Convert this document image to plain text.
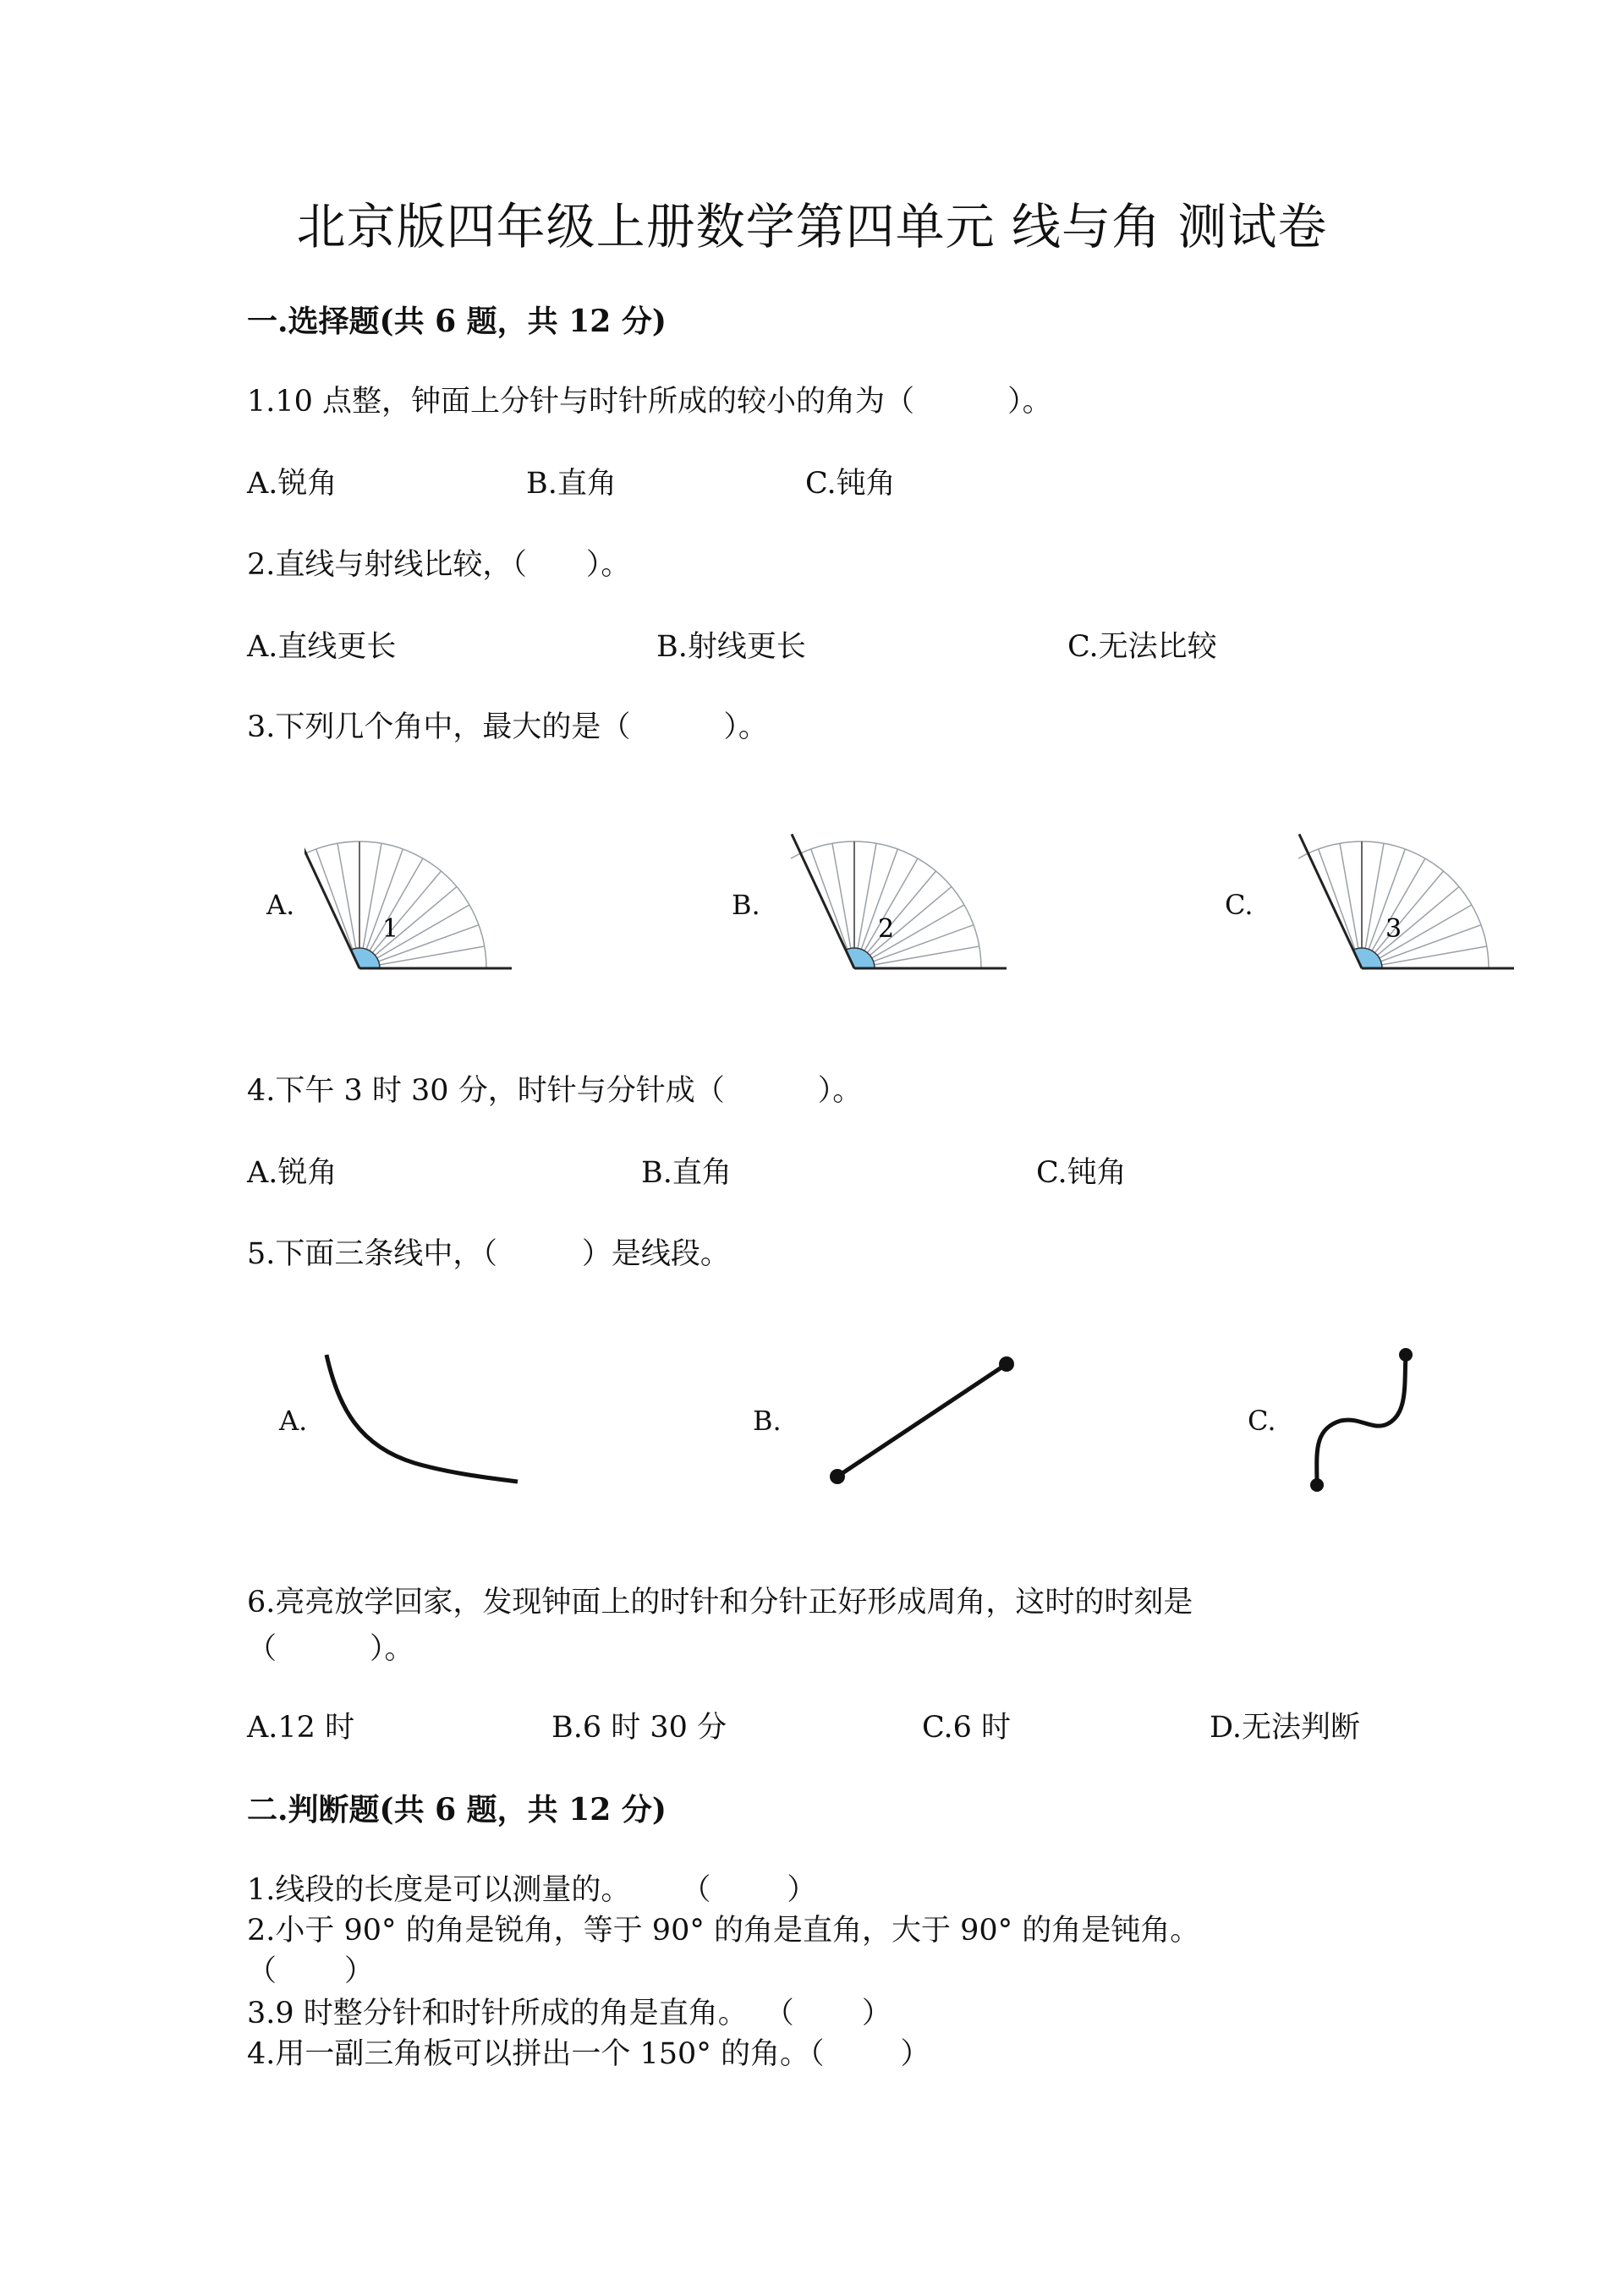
北京版四年级上册数学第四单元 线与角 测试卷
一.选择题(共 6 题，共 12 分)
1.10 点整，钟面上分针与时针所成的较小的角为（	）。
A.锐角	B.直角	C.钝角
2.直线与射线比较，（ ）。
A.直线更长	B.射线更长	C.无法比较
3.下列几个角中，最大的是（	）。
A.	B.	C.
1	2	3
4.下午 3 时 30 分，时针与分针成（	）。
A.锐角	B.直角	C.钝角
5.下面三条线中，（	）是线段。
A.	B.	C.
6.亮亮放学回家，发现钟面上的时针和分针正好形成周角，这时的时刻是
（	）。
A.12 时	B.6 时 30 分	C.6 时	D.无法判断
二.判断题(共 6 题，共 12 分)
1.线段的长度是可以测量的。 （	）
2.小于 90° 的角是锐角，等于 90° 的角是直角，大于 90° 的角是钝角。
（ ）
3.9 时整分针和时针所成的角是直角。 （ ）
4.用一副三角板可以拼出一个 150° 的角。（	）
